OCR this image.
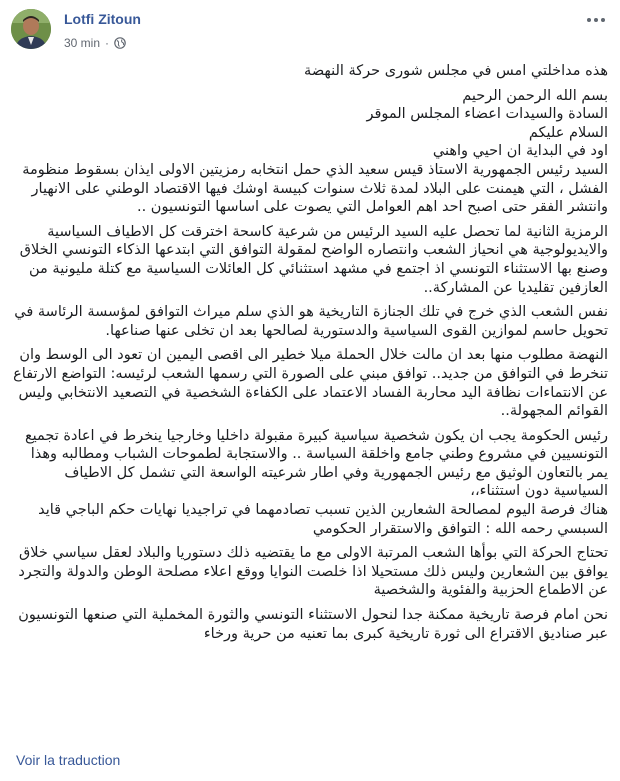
Lotfi Zitoun
30 min ·

هذه مداخلتي امس في مجلس شورى حركة النهضة

بسم الله الرحمن الرحيم

السادة والسيدات اعضاء المجلس الموقر

السلام عليكم

اود في البداية ان احيي واهني

السيد رئيس الجمهورية الاستاذ قيس سعيد الذي حمل انتخابه رمزيتين الاولى ايذان بسقوط منظومة الفشل ، التي هيمنت على البلاد لمدة ثلاث سنوات كبيسة اوشك فيها الاقتصاد الوطني على الانهيار وانتشر الفقر حتى اصبح احد اهم العوامل التي يصوت على اساسها التونسيون ..

الرمزية الثانية لما تحصل عليه السيد الرئيس من شرعية كاسحة اخترقت كل الاطياف السياسية والايديولوجية هي انحياز الشعب وانتصاره الواضح لمقولة التوافق التي ابتدعها الذكاء التونسي الخلاق وصنع بها الاستثناء التونسي اذ اجتمع في مشهد استثنائي كل العائلات السياسية مع كتلة مليونية من العازفين تقليديا عن المشاركة..

نفس الشعب الذي خرج في تلك الجنازة التاريخية هو الذي سلم ميراث التوافق لمؤسسة الرئاسة في تحويل حاسم لموازين القوى السياسية والدستورية لصالحها بعد ان تخلى عنها صناعها.

النهضة مطلوب منها بعد ان مالت خلال الحملة ميلا خطير الى اقصى اليمين ان تعود الى الوسط وان تنخرط في التوافق من جديد.. توافق مبني على الصورة التي رسمها الشعب لرئيسه: التواضع الارتفاع عن الانتماءات نظافة اليد محاربة الفساد الاعتماد على الكفاءة الشخصية في التصعيد الانتخابي وليس القوائم المجهولة..

رئيس الحكومة يجب ان يكون شخصية سياسية كبيرة مقبولة داخليا وخارجيا ينخرط في اعادة تجميع التونسيين في مشروع وطني جامع واخلقة السياسة .. والاستجابة لطموحات الشباب ومطالبه وهذا يمر بالتعاون الوثيق مع رئيس الجمهورية وفي اطار شرعيته الواسعة التي تشمل كل الاطياف السياسية دون استثناء،،

هناك فرصة اليوم لمصالحة الشعارين الذين تسبب تصادمهما في تراجيديا نهايات حكم الباجي قايد السبسي رحمه الله : التوافق والاستقرار الحكومي

تحتاج الحركة التي بوأها الشعب المرتبة الاولى مع ما يقتضيه ذلك دستوريا والبلاد لعقل سياسي خلاق يوافق بين الشعارين وليس ذلك مستحيلا اذا خلصت النوايا ووقع اعلاء مصلحة الوطن والدولة والتجرد عن الاطماع الحزبية والفئوية والشخصية

نحن امام فرصة تاريخية ممكنة جدا لنحول الاستثناء التونسي والثورة المخملية التي صنعها التونسيون عبر صناديق الاقتراع الى ثورة تاريخية كبرى بما تعنيه من حرية ورخاء

Voir la traduction
